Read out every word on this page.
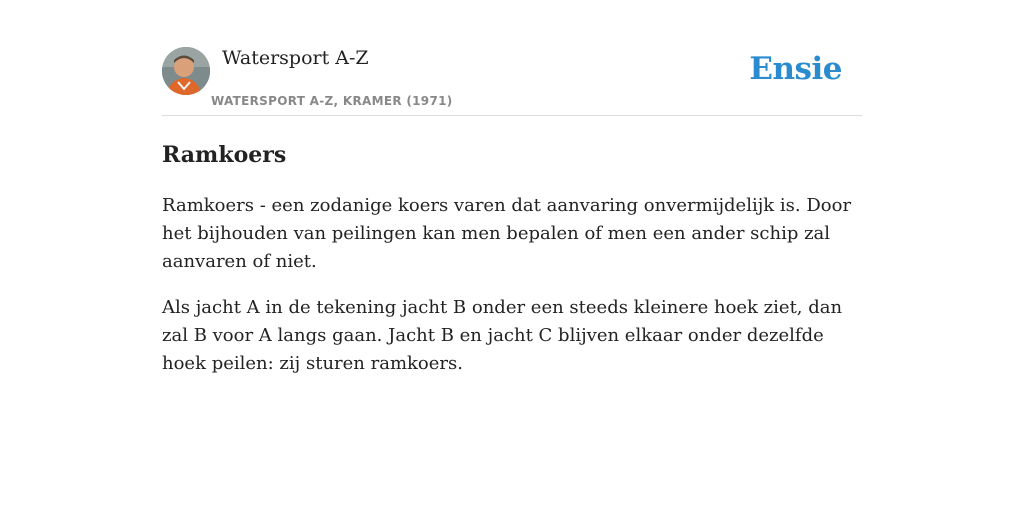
Watersport A-Z
WATERSPORT A-Z, KRAMER (1971)
Ensie
Ramkoers

Ramkoers - een zodanige koers varen dat aanvaring onvermijdelijk is. Door het bijhouden van peilingen kan men bepalen of men een ander schip zal aanvaren of niet.

Als jacht A in de tekening jacht B onder een steeds kleinere hoek ziet, dan zal B voor A langs gaan. Jacht B en jacht C blijven elkaar onder dezelfde hoek peilen: zij sturen ramkoers.
